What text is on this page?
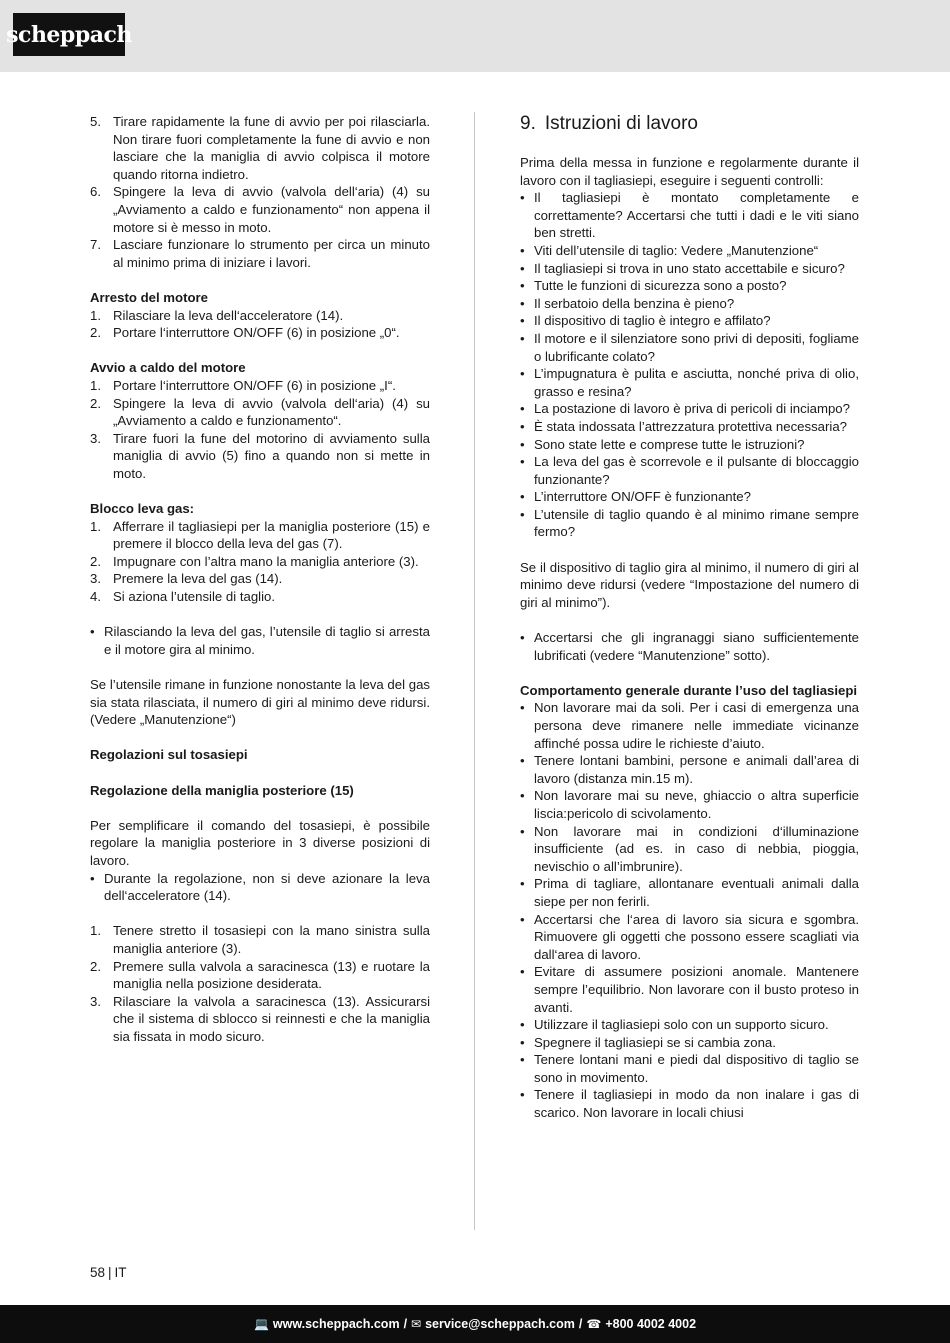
scheppach
5. Tirare rapidamente la fune di avvio per poi rilasciarla. Non tirare fuori completamente la fune di avvio e non lasciare che la maniglia di avvio colpisca il motore quando ritorna indietro.
6. Spingere la leva di avvio (valvola dell‘aria) (4) su „Avviamento a caldo e funzionamento“ non appena il motore si è messo in moto.
7. Lasciare funzionare lo strumento per circa un minuto al minimo prima di iniziare i lavori.

Arresto del motore

1. Rilasciare la leva dell‘acceleratore (14).
2. Portare l‘interruttore ON/OFF (6) in posizione „0“.

Avvio a caldo del motore

1. Portare l‘interruttore ON/OFF (6) in posizione „I“.
2. Spingere la leva di avvio (valvola dell‘aria) (4) su „Avviamento a caldo e funzionamento“.
3. Tirare fuori la fune del motorino di avviamento sulla maniglia di avvio (5) fino a quando non si mette in moto.

Blocco leva gas:

1. Afferrare il tagliasiepi per la maniglia posteriore (15) e premere il blocco della leva del gas (7).
2. Impugnare con l’altra mano la maniglia anteriore (3).
3. Premere la leva del gas (14).
4. Si aziona l’utensile di taglio.
• Rilasciando la leva del gas, l’utensile di taglio si arresta e il motore gira al minimo.

Se l’utensile rimane in funzione nonostante la leva del gas sia stata rilasciata, il numero di giri al minimo deve ridursi. (Vedere „Manutenzione“)

Regolazioni sul tosasiepi

Regolazione della maniglia posteriore (15)

Per semplificare il comando del tosasiepi, è possibile regolare la maniglia posteriore in 3 diverse posizioni di lavoro.

• Durante la regolazione, non si deve azionare la leva dell‘acceleratore (14).
1. Tenere stretto il tosasiepi con la mano sinistra sulla maniglia anteriore (3).
2. Premere sulla valvola a saracinesca (13) e ruotare la maniglia nella posizione desiderata.
3. Rilasciare la valvola a saracinesca (13). Assicurarsi che il sistema di sblocco si reinnesti e che la maniglia sia fissata in modo sicuro.
9. Istruzioni di lavoro

Prima della messa in funzione e regolarmente durante il lavoro con il tagliasiepi, eseguire i seguenti controlli:

• Il tagliasiepi è montato completamente e correttamente? Accertarsi che tutti i dadi e le viti siano ben stretti.
• Viti dell’utensile di taglio: Vedere „Manutenzione“
• Il tagliasiepi si trova in uno stato accettabile e sicuro?
• Tutte le funzioni di sicurezza sono a posto?
• Il serbatoio della benzina è pieno?
• Il dispositivo di taglio è integro e affilato?
• Il motore e il silenziatore sono privi di depositi, fogliame o lubrificante colato?
• L’impugnatura è pulita e asciutta, nonché priva di olio, grasso e resina?
• La postazione di lavoro è priva di pericoli di inciampo?
• È stata indossata l’attrezzatura protettiva necessaria?
• Sono state lette e comprese tutte le istruzioni?
• La leva del gas è scorrevole e il pulsante di bloccaggio funzionante?
• L’interruttore ON/OFF è funzionante?
• L’utensile di taglio quando è al minimo rimane sempre fermo?

Se il dispositivo di taglio gira al minimo, il numero di giri al minimo deve ridursi (vedere “Impostazione del numero di giri al minimo”).

• Accertarsi che gli ingranaggi siano sufficientemente lubrificati (vedere “Manutenzione” sotto).

Comportamento generale durante l’uso del tagliasiepi

• Non lavorare mai da soli. Per i casi di emergenza una persona deve rimanere nelle immediate vicinanze affinché possa udire le richieste d’aiuto.
• Tenere lontani bambini, persone e animali dall’area di lavoro (distanza min.15 m).
• Non lavorare mai su neve, ghiaccio o altra superficie liscia:pericolo di scivolamento.
• Non lavorare mai in condizioni d‘illuminazione insufficiente (ad es. in caso di nebbia, pioggia, nevischio o all’imbrunire).
• Prima di tagliare, allontanare eventuali animali dalla siepe per non ferirli.
• Accertarsi che l‘area di lavoro sia sicura e sgombra. Rimuovere gli oggetti che possono essere scagliati via dall‘area di lavoro.
• Evitare di assumere posizioni anomale. Mantenere sempre l’equilibrio. Non lavorare con il busto proteso in avanti.
• Utilizzare il tagliasiepi solo con un supporto sicuro.
• Spegnere il tagliasiepi se si cambia zona.
• Tenere lontani mani e piedi dal dispositivo di taglio se sono in movimento.
• Tenere il tagliasiepi in modo da non inalare i gas di scarico. Non lavorare in locali chiusi
58 | IT
💻 www.scheppach.com / ✉ service@scheppach.com / ☎ +800 4002 4002
